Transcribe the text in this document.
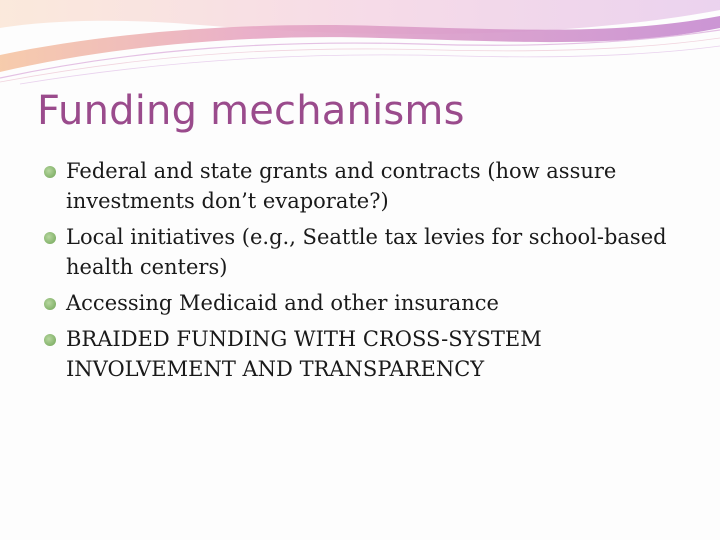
Funding mechanisms
Federal and state grants and contracts (how assure investments don’t evaporate?)
Local initiatives (e.g., Seattle tax levies for school-based health centers)
Accessing Medicaid and other insurance
BRAIDED FUNDING WITH CROSS-SYSTEM INVOLVEMENT AND TRANSPARENCY
